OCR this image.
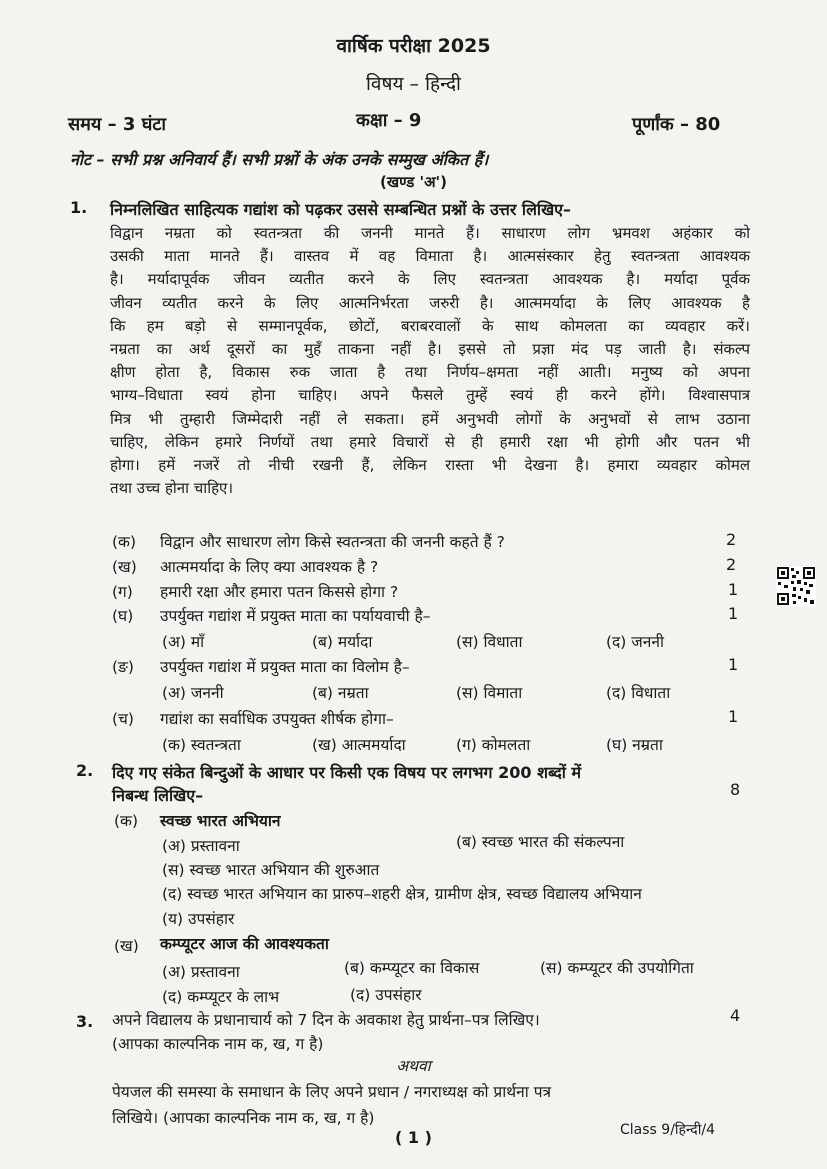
वार्षिक परीक्षा 2025
विषय – हिन्दी
समय – 3 घंटा	कक्षा – 9	पूर्णांक – 80
नोट – सभी प्रश्न अनिवार्य हैं। सभी प्रश्नों के अंक उनके सम्मुख अंकित हैं।
(खण्ड 'अ')
1. निम्नलिखित साहित्यक गद्यांश को पढ़कर उससे सम्बन्धित प्रश्नों के उत्तर लिखिए–
विद्वान नम्रता को स्वतन्त्रता की जननी मानते हैं। साधारण लोग भ्रमवश अहंकार को
उसकी माता मानते हैं। वास्तव में वह विमाता है। आत्मसंस्कार हेतु स्वतन्त्रता आवश्यक
है। मर्यादापूर्वक जीवन व्यतीत करने के लिए स्वतन्त्रता आवश्यक है। मर्यादा पूर्वक
जीवन व्यतीत करने के लिए आत्मनिर्भरता जरुरी है। आत्ममर्यादा के लिए आवश्यक है
कि हम बड़ो से सम्मानपूर्वक, छोटों, बराबरवालों के साथ कोमलता का व्यवहार करें।
नम्रता का अर्थ दूसरों का मुहँ ताकना नहीं है। इससे तो प्रज्ञा मंद पड़ जाती है। संकल्प
क्षीण होता है, विकास रुक जाता है तथा निर्णय–क्षमता नहीं आती। मनुष्य को अपना
भाग्य–विधाता स्वयं होना चाहिए। अपने फैसले तुम्हें स्वयं ही करने होंगे। विश्वासपात्र
मित्र भी तुम्हारी जिम्मेदारी नहीं ले सकता। हमें अनुभवी लोगों के अनुभवों से लाभ उठाना
चाहिए, लेकिन हमारे निर्णयों तथा हमारे विचारों से ही हमारी रक्षा भी होगी और पतन भी
होगा। हमें नजरें तो नीची रखनी हैं, लेकिन रास्ता भी देखना है। हमारा व्यवहार कोमल
तथा उच्च होना चाहिए।
(क) विद्वान और साधारण लोग किसे स्वतन्त्रता की जननी कहते हैं ?	2
(ख) आत्ममर्यादा के लिए क्या आवश्यक है ?	2
(ग) हमारी रक्षा और हमारा पतन किससे होगा ?	1
(घ) उपर्युक्त गद्यांश में प्रयुक्त माता का पर्यायवाची है–	1
(अ) माँ	(ब) मर्यादा	(स) विधाता	(द) जननी
(ङ) उपर्युक्त गद्यांश में प्रयुक्त माता का विलोम है–	1
(अ) जननी	(ब) नम्रता	(स) विमाता	(द) विधाता
(च) गद्यांश का सर्वाधिक उपयुक्त शीर्षक होगा–	1
(क) स्वतन्त्रता	(ख) आत्ममर्यादा	(ग) कोमलता	(घ) नम्रता
2. दिए गए संकेत बिन्दुओं के आधार पर किसी एक विषय पर लगभग 200 शब्दों में
निबन्ध लिखिए–	8
(क) स्वच्छ भारत अभियान
(अ) प्रस्तावना	(ब) स्वच्छ भारत की संकल्पना
(स) स्वच्छ भारत अभियान की शुरुआत
(द) स्वच्छ भारत अभियान का प्रारुप–शहरी क्षेत्र, ग्रामीण क्षेत्र, स्वच्छ विद्यालय अभियान
(य) उपसंहार
(ख) कम्प्यूटर आज की आवश्यकता
(अ) प्रस्तावना	(ब) कम्प्यूटर का विकास	(स) कम्प्यूटर की उपयोगिता
(द) कम्प्यूटर के लाभ	(द) उपसंहार
3. अपने विद्यालय के प्रधानाचार्य को 7 दिन के अवकाश हेतु प्रार्थना–पत्र लिखिए।	4
(आपका काल्पनिक नाम क, ख, ग है)
अथवा
पेयजल की समस्या के समाधान के लिए अपने प्रधान / नगराध्यक्ष को प्रार्थना पत्र
लिखिये। (आपका काल्पनिक नाम क, ख, ग है)
( 1 )	Class 9/हिन्दी/4
